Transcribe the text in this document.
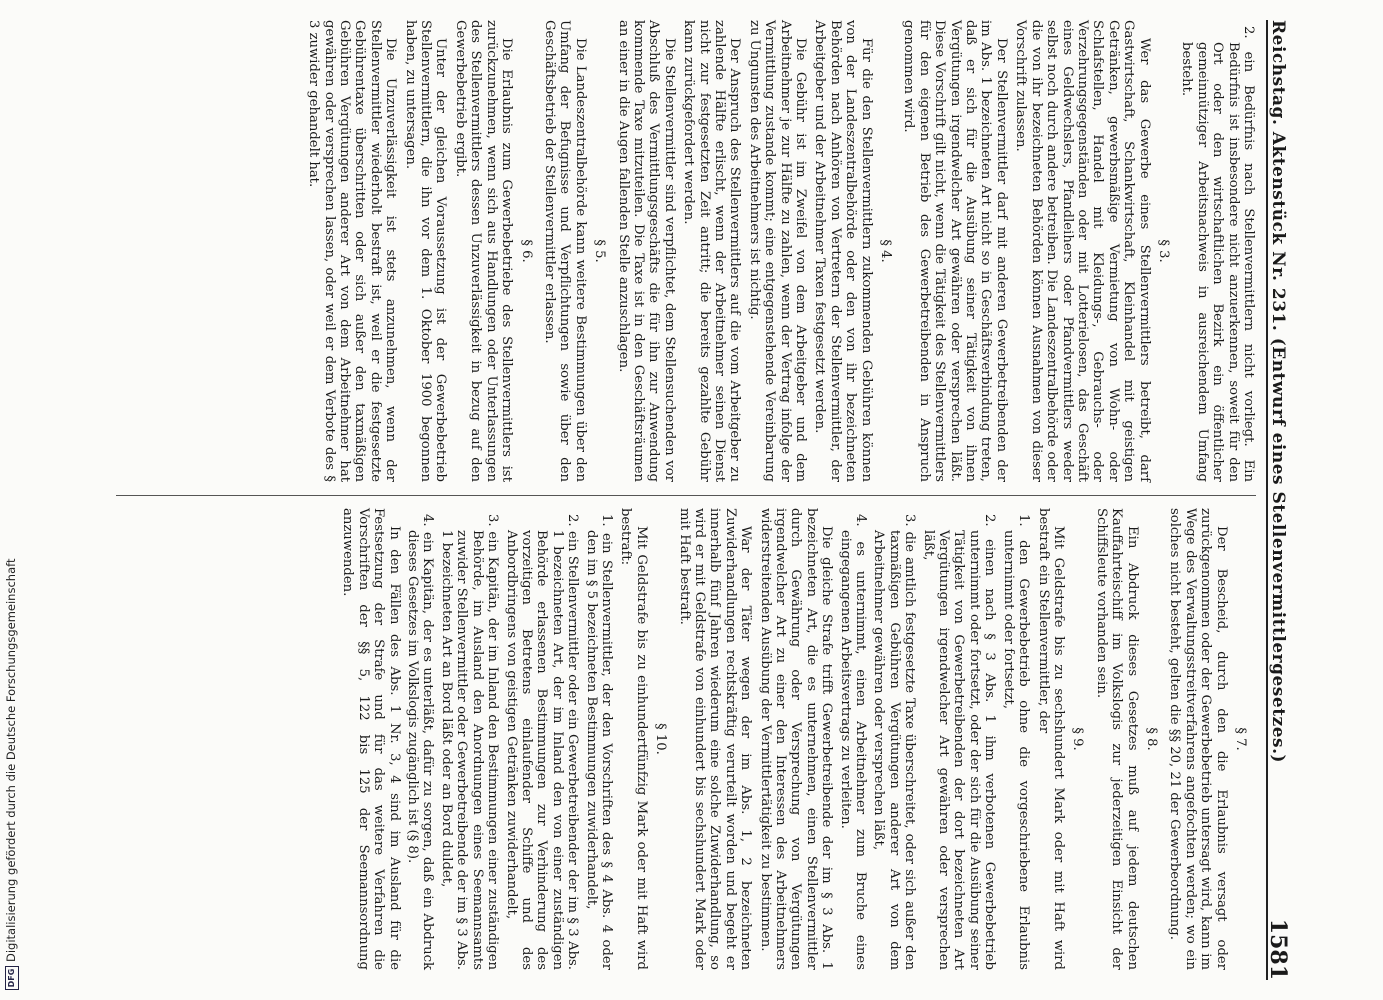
Reichstag. Aktenstück Nr. 231. (Entwurf eines Stellenvermittlergesetzes.)
1581
2. ein Bedürfnis nach Stellenvermittlern nicht vorliegt. Ein Bedürfnis ist insbesondere nicht anzuerkennen, soweit für den Ort oder den wirtschaftlichen Bezirk ein öffentlicher gemeinnütziger Arbeitsnachweis in ausreichendem Umfang besteht.
§ 3.

Wer das Gewerbe eines Stellenvermittlers betreibt, darf Gastwirtschaft, Schankwirtschaft, Kleinhandel mit geistigen Getränken, gewerbsmäßige Vermietung von Wohn- oder Schlafstellen, Handel mit Kleidungs-, Gebrauchs- oder Verzehrungsgegenständen oder mit Lotterielosen, das Geschäft eines Geldwechslers, Pfandleihers oder Pfandvermittlers weder selbst noch durch andere betreiben. Die Landeszentralbehörde oder die von ihr bezeichneten Behörden können Ausnahmen von dieser Vorschrift zulassen.

Der Stellenvermittler darf mit anderen Gewerbetreibenden der im Abs. 1 bezeichneten Art nicht so in Geschäftsverbindung treten, daß er sich für die Ausübung seiner Tätigkeit von ihnen Vergütungen irgendwelcher Art gewähren oder versprechen läßt. Diese Vorschrift gilt nicht, wenn die Tätigkeit des Stellenvermittlers für den eigenen Betrieb des Gewerbetreibenden in Anspruch genommen wird.

§ 4.

Für die den Stellenvermittlern zukommenden Gebühren können von der Landeszentralbehörde oder den von ihr bezeichneten Behörden nach Anhören von Vertretern der Stellenvermittler, der Arbeitgeber und der Arbeitnehmer Taxen festgesetzt werden.

Die Gebühr ist im Zweifel von dem Arbeitgeber und dem Arbeitnehmer je zur Hälfte zu zahlen, wenn der Vertrag infolge der Vermittlung zustande kommt; eine entgegenstehende Vereinbarung zu Ungunsten des Arbeitnehmers ist nichtig.

Der Anspruch des Stellenvermittlers auf die vom Arbeitgeber zu zahlende Hälfte erlischt, wenn der Arbeitnehmer seinen Dienst nicht zur festgesetzten Zeit antritt; die bereits gezahlte Gebühr kann zurückgefordert werden.

Die Stellenvermittler sind verpflichtet, dem Stellensuchenden vor Abschluß des Vermittlungsgeschäfts die für ihn zur Anwendung kommende Taxe mitzuteilen. Die Taxe ist in den Geschäftsräumen an einer in die Augen fallenden Stelle anzuschlagen.

§ 5.

Die Landeszentralbehörde kann weitere Bestimmungen über den Umfang der Befugnisse und Verpflichtungen sowie über den Geschäftsbetrieb der Stellenvermittler erlassen.

§ 6.

Die Erlaubnis zum Gewerbebetriebe des Stellenvermittlers ist zurückzunehmen, wenn sich aus Handlungen oder Unterlassungen des Stellenvermittlers dessen Unzuverlässigkeit in bezug auf den Gewerbebetrieb ergibt.

Unter der gleichen Voraussetzung ist der Gewerbebetrieb Stellenvermittlern, die ihn vor dem 1. Oktober 1900 begonnen haben, zu untersagen.

Die Unzuverlässigkeit ist stets anzunehmen, wenn der Stellenvermittler wiederholt bestraft ist, weil er die festgesetzte Gebührentaxe überschritten oder sich außer den taxmäßigen Gebühren Vergütungen anderer Art von dem Arbeitnehmer hat gewähren oder versprechen lassen, oder weil er dem Verbote des § 3 zuwider gehandelt hat.

§ 7.

Der Bescheid, durch den die Erlaubnis versagt oder zurückgenommen oder der Gewerbebetrieb untersagt wird, kann im Wege des Verwaltungsstreitverfahrens angefochten werden; wo ein solches nicht besteht, gelten die §§ 20, 21 der Gewerbeordnung.

§ 8.

Ein Abdruck dieses Gesetzes muß auf jedem deutschen Kauffahrteischiff im Volkslogis zur jederzeitigen Einsicht der Schiffsleute vorhanden sein.

§ 9.

Mit Geldstrafe bis zu sechshundert Mark oder mit Haft wird bestraft ein Stellenvermittler, der

1. den Gewerbebetrieb ohne die vorgeschriebene Erlaubnis unternimmt oder fortsetzt,
2. einen nach § 3 Abs. 1 ihm verbotenen Gewerbebetrieb unternimmt oder fortsetzt, oder der sich für die Ausübung seiner Tätigkeit von Gewerbetreibenden der dort bezeichneten Art Vergütungen irgendwelcher Art gewähren oder versprechen läßt,
3. die amtlich festgesetzte Taxe überschreitet, oder sich außer den taxmäßigen Gebühren Vergütungen anderer Art von dem Arbeitnehmer gewähren oder versprechen läßt,
4. es unternimmt, einen Arbeitnehmer zum Bruche eines eingegangenen Arbeitsvertrags zu verleiten.

Die gleiche Strafe trifft Gewerbetreibende der im § 3 Abs. 1 bezeichneten Art, die es unternehmen, einen Stellenvermittler durch Gewährung oder Versprechung von Vergütungen irgendwelcher Art zu einer den Interessen des Arbeitnehmers widerstreitenden Ausübung der Vermittlertätigkeit zu bestimmen.

War der Täter wegen der im Abs. 1, 2 bezeichneten Zuwiderhandlungen rechtskräftig verurteilt worden und begeht er innerhalb fünf Jahren wiederum eine solche Zuwiderhandlung, so wird er mit Geldstrafe von einhundert bis sechshundert Mark oder mit Haft bestraft.

§ 10.

Mit Geldstrafe bis zu einhundertfünfzig Mark oder mit Haft wird bestraft:

1. ein Stellenvermittler, der den Vorschriften des § 4 Abs. 4 oder den im § 5 bezeichneten Bestimmungen zuwiderhandelt,
2. ein Stellenvermittler oder ein Gewerbetreibender der im § 3 Abs. 1 bezeichneten Art, der im Inland den von einer zuständigen Behörde erlassenen Bestimmungen zur Verhinderung des vorzeitigen Betretens einlaufender Schiffe und des Anbordbringens von geistigen Getränken zuwiderhandelt,
3. ein Kapitän, der im Inland den Bestimmungen einer zuständigen Behörde, im Ausland den Anordnungen eines Seemannsamts zuwider Stellenvermittler oder Gewerbetreibende der im § 3 Abs. 1 bezeichneten Art an Bord läßt oder an Bord duldet,
4. ein Kapitän, der es unterläßt, dafür zu sorgen, daß ein Abdruck dieses Gesetzes im Volkslogis zugänglich ist (§ 8).

In den Fällen des Abs. 1 Nr. 3, 4 sind im Ausland für die Festsetzung der Strafe und für das weitere Verfahren die Vorschriften der §§ 5, 122 bis 125 der Seemannsordnung anzuwenden.

DFGDigitalisierung gefördert durch die Deutsche Forschungsgemeinschaft
